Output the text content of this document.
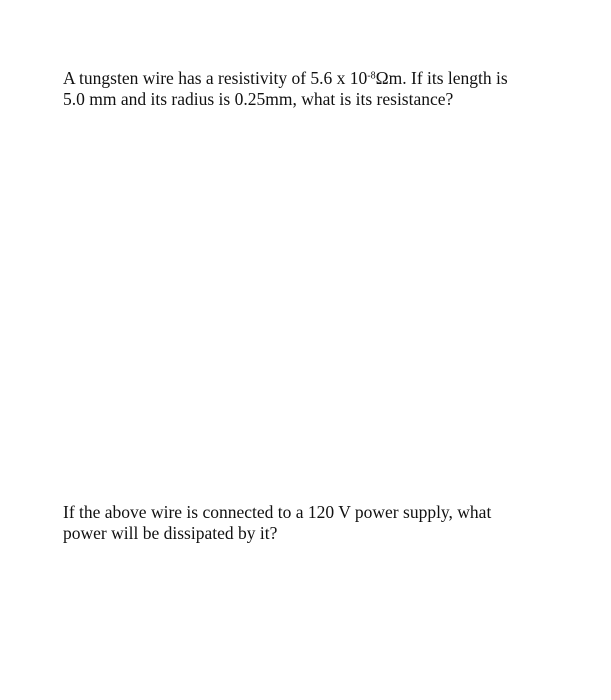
A tungsten wire has a resistivity of 5.6 x $10^{-8}\Omega m$. If its length is
5.0 mm and its radius is 0.25mm, what is its resistance?

If the above wire is connected to a 120 V power supply, what
power will be dissipated by it?
